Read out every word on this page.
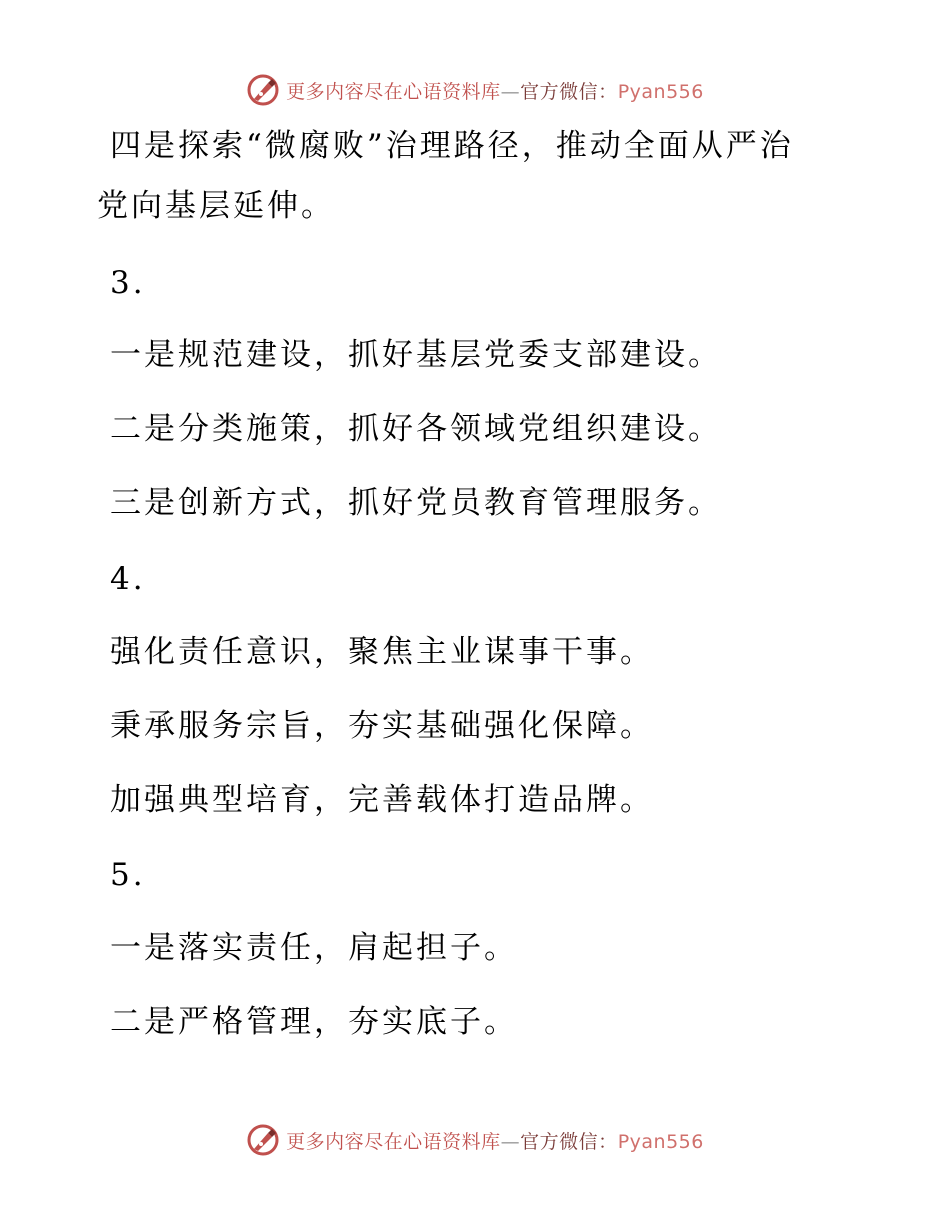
更多内容尽在心语资料库—官方微信：Pyan556
四是探索“微腐败”治理路径，推动全面从严治
党向基层延伸。
3.
一是规范建设，抓好基层党委支部建设。
二是分类施策，抓好各领域党组织建设。
三是创新方式，抓好党员教育管理服务。
4.
强化责任意识，聚焦主业谋事干事。
秉承服务宗旨，夯实基础强化保障。
加强典型培育，完善载体打造品牌。
5.
一是落实责任，肩起担子。
二是严格管理，夯实底子。
更多内容尽在心语资料库—官方微信：Pyan556
